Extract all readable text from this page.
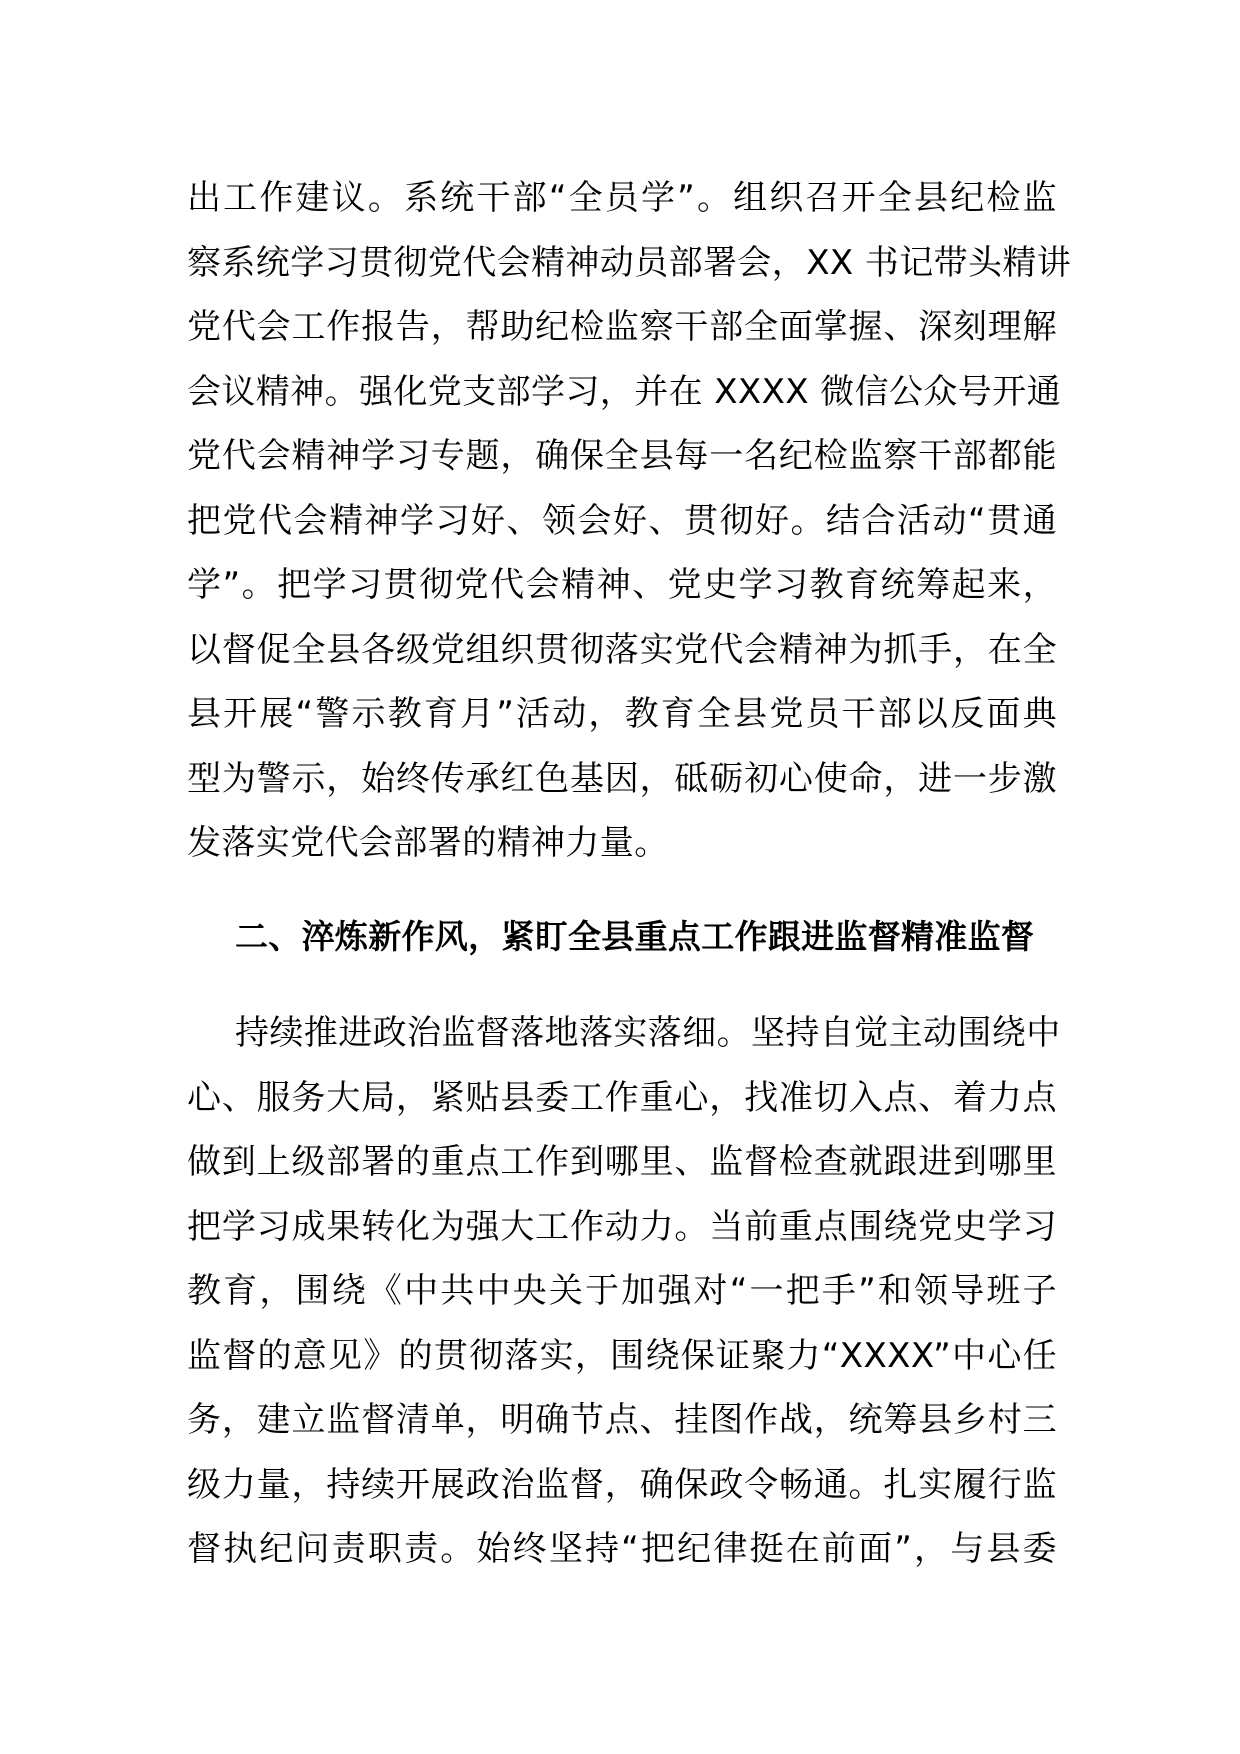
出工作建议。系统干部“全员学”。组织召开全县纪检监
察系统学习贯彻党代会精神动员部署会，XX 书记带头精讲
党代会工作报告，帮助纪检监察干部全面掌握、深刻理解
会议精神。强化党支部学习，并在 XXXX 微信公众号开通
党代会精神学习专题，确保全县每一名纪检监察干部都能
把党代会精神学习好、领会好、贯彻好。结合活动“贯通
学”。把学习贯彻党代会精神、党史学习教育统筹起来，
以督促全县各级党组织贯彻落实党代会精神为抓手，在全
县开展“警示教育月”活动，教育全县党员干部以反面典
型为警示，始终传承红色基因，砥砺初心使命，进一步激
发落实党代会部署的精神力量。
二、淬炼新作风，紧盯全县重点工作跟进监督精准监督
持续推进政治监督落地落实落细。坚持自觉主动围绕中
心、服务大局，紧贴县委工作重心，找准切入点、着力点
做到上级部署的重点工作到哪里、监督检查就跟进到哪里
把学习成果转化为强大工作动力。当前重点围绕党史学习
教育，围绕《中共中央关于加强对“一把手”和领导班子
监督的意见》的贯彻落实，围绕保证聚力“XXXX”中心任
务，建立监督清单，明确节点、挂图作战，统筹县乡村三
级力量，持续开展政治监督，确保政令畅通。扎实履行监
督执纪问责职责。始终坚持“把纪律挺在前面”，与县委
